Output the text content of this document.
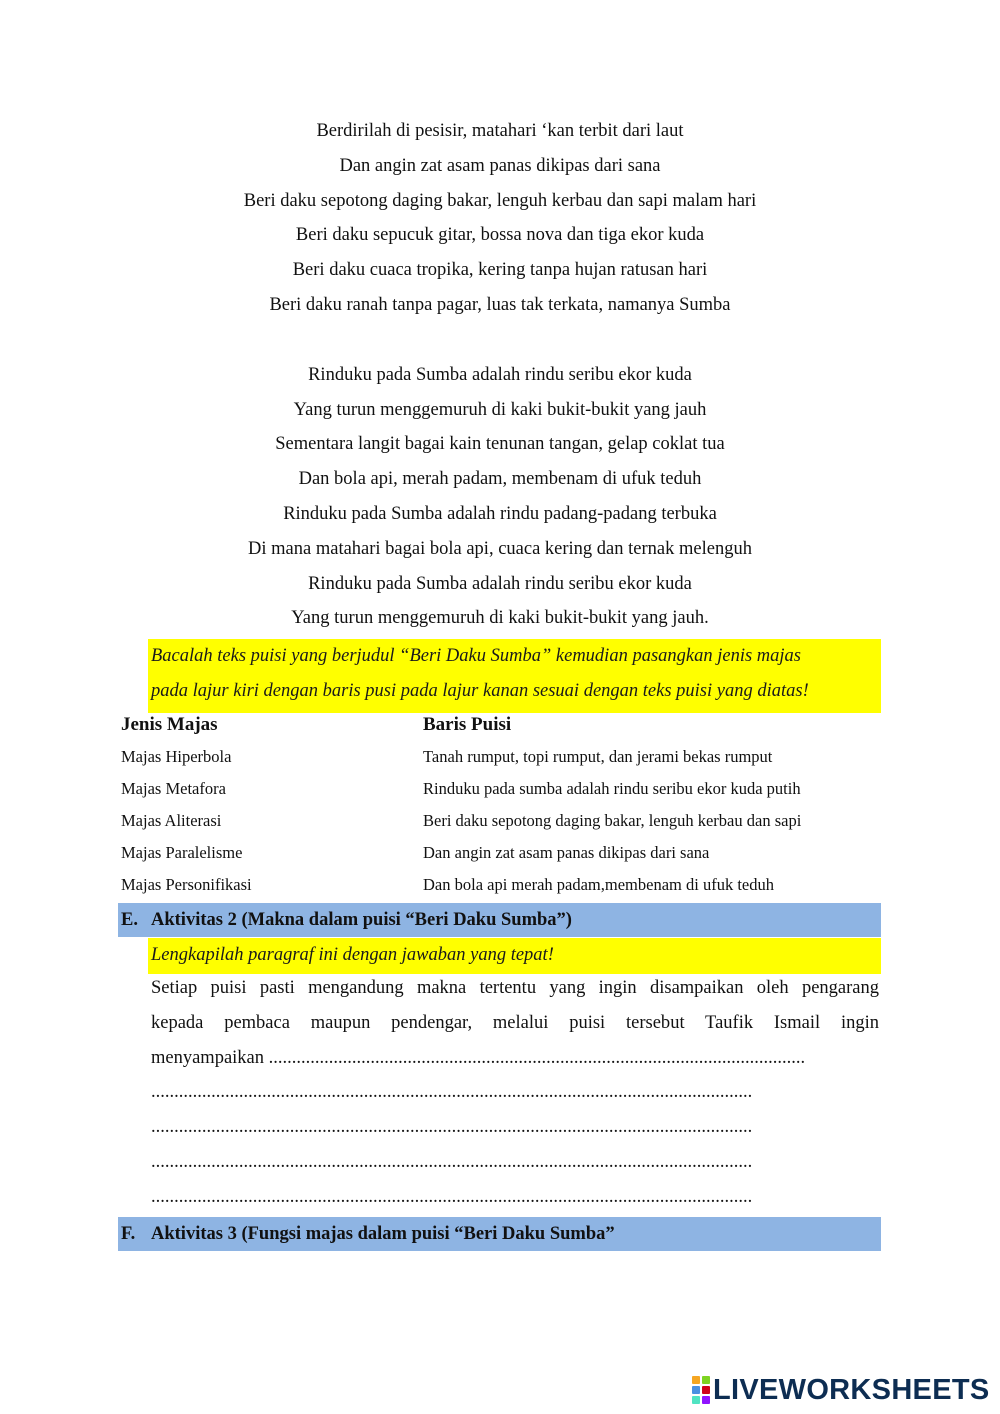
Berdirilah di pesisir, matahari ‘kan terbit dari laut
Dan angin zat asam panas dikipas dari sana
Beri daku sepotong daging bakar, lenguh kerbau dan sapi malam hari
Beri daku sepucuk gitar, bossa nova dan tiga ekor kuda
Beri daku cuaca tropika, kering tanpa hujan ratusan hari
Beri daku ranah tanpa pagar, luas tak terkata, namanya Sumba
Rinduku pada Sumba adalah rindu seribu ekor kuda
Yang turun menggemuruh di kaki bukit-bukit yang jauh
Sementara langit bagai kain tenunan tangan, gelap coklat tua
Dan bola api, merah padam, membenam di ufuk teduh
Rinduku pada Sumba adalah rindu padang-padang terbuka
Di mana matahari bagai bola api, cuaca kering dan ternak melenguh
Rinduku pada Sumba adalah rindu seribu ekor kuda
Yang turun menggemuruh di kaki bukit-bukit yang jauh.
Bacalah teks puisi yang berjudul “Beri Daku Sumba” kemudian pasangkan jenis majas
pada lajur kiri dengan baris pusi pada lajur kanan sesuai dengan teks puisi yang diatas!
Jenis Majas	Baris Puisi
Majas Hiperbola	Tanah rumput, topi rumput, dan jerami bekas rumput
Majas Metafora	Rinduku pada sumba adalah rindu seribu ekor kuda putih
Majas Aliterasi	Beri daku sepotong daging bakar, lenguh kerbau dan sapi
Majas Paralelisme	Dan angin zat asam panas dikipas dari sana
Majas Personifikasi	Dan bola api merah padam,membenam di ufuk teduh
E. Aktivitas 2 (Makna dalam puisi “Beri Daku Sumba”)
Lengkapilah paragraf ini dengan jawaban yang tepat!
Setiap puisi pasti mengandung makna tertentu yang ingin disampaikan oleh pengarang
kepada pembaca maupun pendengar, melalui puisi tersebut Taufik Ismail ingin
menyampaikan ....................................................................................................................
..................................................................................................................................
..................................................................................................................................
..................................................................................................................................
..................................................................................................................................
F. Aktivitas 3 (Fungsi majas dalam puisi “Beri Daku Sumba”
LIVEWORKSHEETS
